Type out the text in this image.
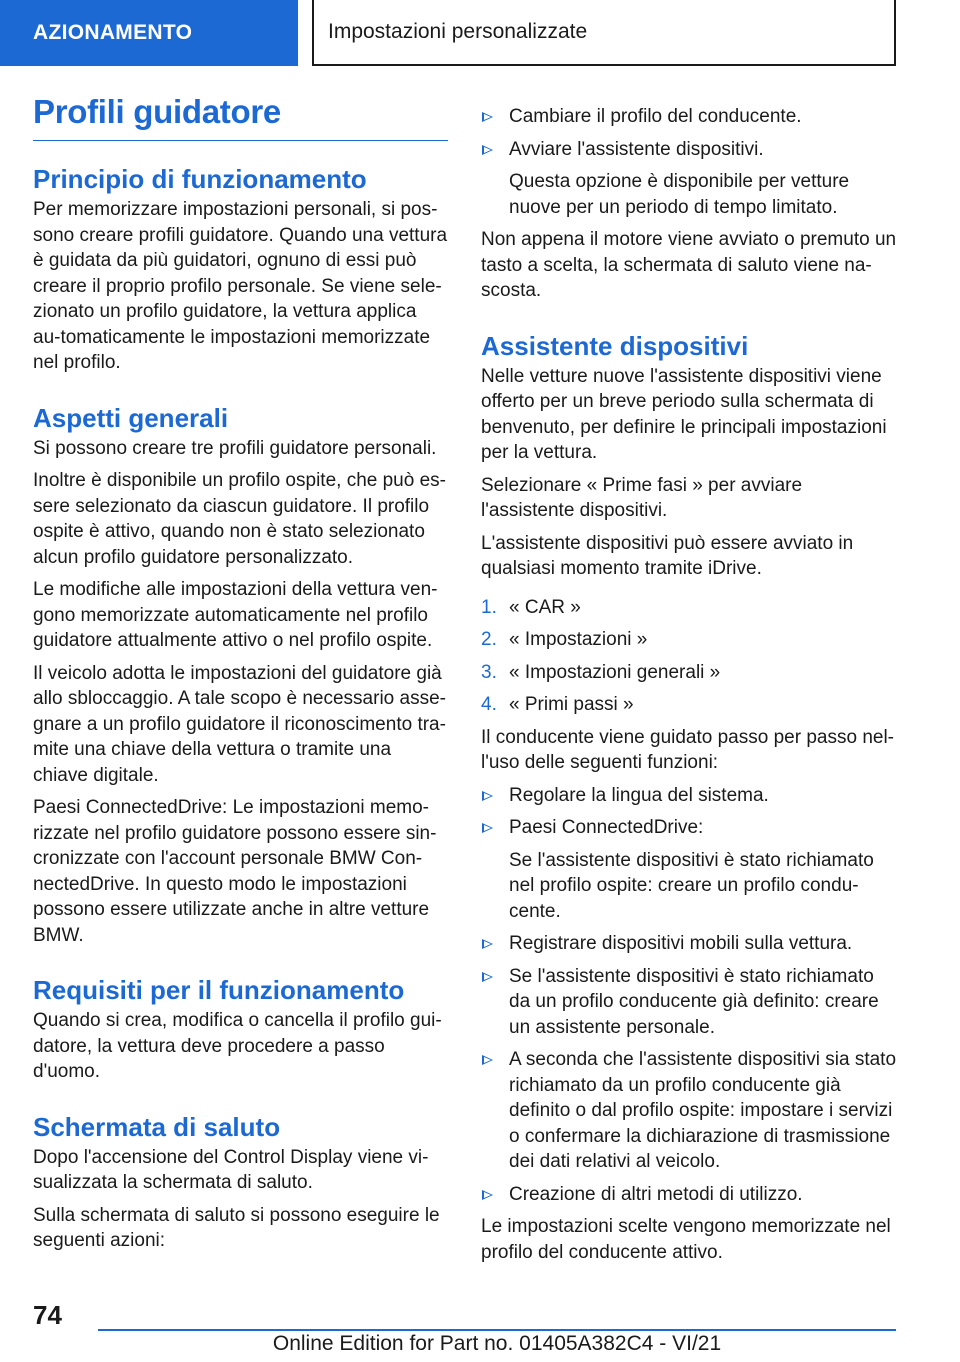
AZIONAMENTO	Impostazioni personalizzate
Profili guidatore
Principio di funzionamento

Per memorizzare impostazioni personali, si pos-sono creare profili guidatore. Quando una vettura è guidata da più guidatori, ognuno di essi può creare il proprio profilo personale. Se viene sele-zionato un profilo guidatore, la vettura applica au-tomaticamente le impostazioni memorizzate nel profilo.

Aspetti generali

Si possono creare tre profili guidatore personali.

Inoltre è disponibile un profilo ospite, che può es-sere selezionato da ciascun guidatore. Il profilo ospite è attivo, quando non è stato selezionato alcun profilo guidatore personalizzato.

Le modifiche alle impostazioni della vettura ven-gono memorizzate automaticamente nel profilo guidatore attualmente attivo o nel profilo ospite.

Il veicolo adotta le impostazioni del guidatore già allo sbloccaggio. A tale scopo è necessario asse-gnare a un profilo guidatore il riconoscimento tra-mite una chiave della vettura o tramite una chiave digitale.

Paesi ConnectedDrive: Le impostazioni memo-rizzate nel profilo guidatore possono essere sin-cronizzate con l'account personale BMW Con-nectedDrive. In questo modo le impostazioni possono essere utilizzate anche in altre vetture BMW.

Requisiti per il funzionamento

Quando si crea, modifica o cancella il profilo gui-datore, la vettura deve procedere a passo d'uomo.

Schermata di saluto

Dopo l'accensione del Control Display viene vi-sualizzata la schermata di saluto.

Sulla schermata di saluto si possono eseguire le seguenti azioni:

Cambiare il profilo del conducente.
Avviare l'assistente dispositivi.
Questa opzione è disponibile per vetture nuove per un periodo di tempo limitato.

Non appena il motore viene avviato o premuto un tasto a scelta, la schermata di saluto viene na-scosta.

Assistente dispositivi

Nelle vetture nuove l'assistente dispositivi viene offerto per un breve periodo sulla schermata di benvenuto, per definire le principali impostazioni per la vettura.

Selezionare « Prime fasi » per avviare l'assistente dispositivi.

L'assistente dispositivi può essere avviato in qualsiasi momento tramite iDrive.

1. « CAR »
2. « Impostazioni »
3. « Impostazioni generali »
4. « Primi passi »

Il conducente viene guidato passo per passo nel-l'uso delle seguenti funzioni:

Regolare la lingua del sistema.
Paesi ConnectedDrive:
Se l'assistente dispositivi è stato richiamato nel profilo ospite: creare un profilo condu-cente.
Registrare dispositivi mobili sulla vettura.
Se l'assistente dispositivi è stato richiamato da un profilo conducente già definito: creare un assistente personale.
A seconda che l'assistente dispositivi sia stato richiamato da un profilo conducente già definito o dal profilo ospite: impostare i servizi o confermare la dichiarazione di trasmissione dei dati relativi al veicolo.
Creazione di altri metodi di utilizzo.

Le impostazioni scelte vengono memorizzate nel profilo del conducente attivo.

74
Online Edition for Part no. 01405A382C4 - VI/21
